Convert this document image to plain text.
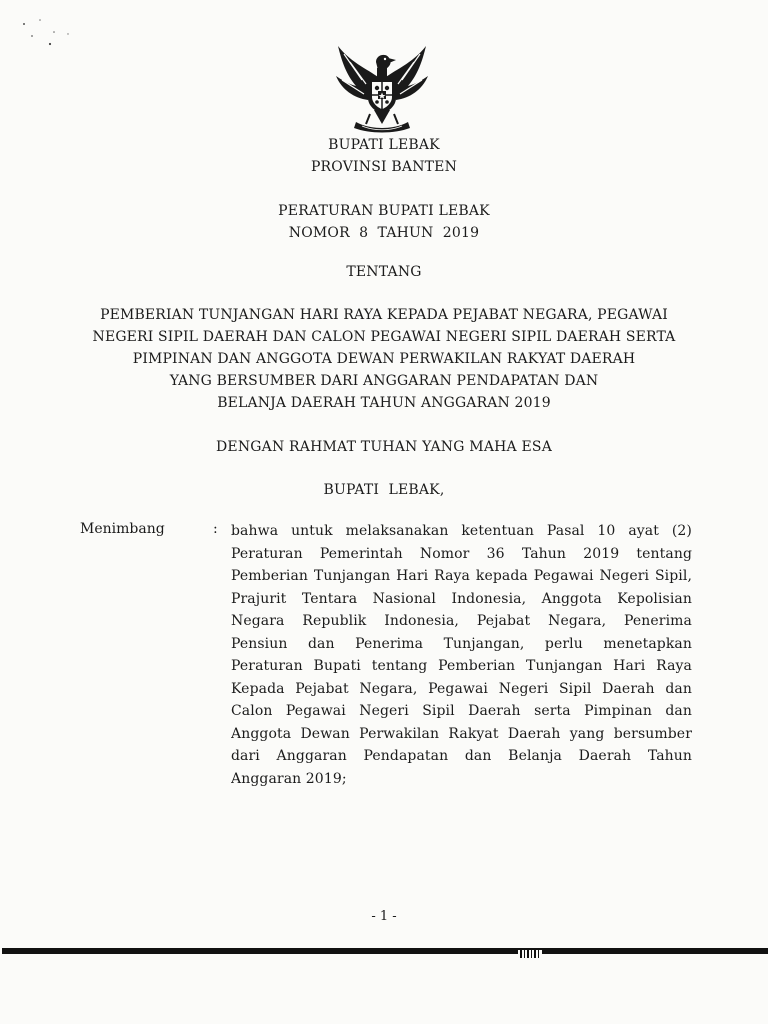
BUPATI LEBAK
PROVINSI BANTEN
PERATURAN BUPATI LEBAK
NOMOR  8  TAHUN  2019
TENTANG
PEMBERIAN TUNJANGAN HARI RAYA KEPADA PEJABAT NEGARA, PEGAWAI
NEGERI SIPIL DAERAH DAN CALON PEGAWAI NEGERI SIPIL DAERAH SERTA
PIMPINAN DAN ANGGOTA DEWAN PERWAKILAN RAKYAT DAERAH
YANG BERSUMBER DARI ANGGARAN PENDAPATAN DAN
BELANJA DAERAH TAHUN ANGGARAN 2019
DENGAN RAHMAT TUHAN YANG MAHA ESA
BUPATI  LEBAK,
Menimbang	: bahwa untuk melaksanakan ketentuan Pasal 10 ayat (2)
Peraturan Pemerintah Nomor 36 Tahun 2019 tentang
Pemberian Tunjangan Hari Raya kepada Pegawai Negeri Sipil,
Prajurit Tentara Nasional Indonesia, Anggota Kepolisian
Negara Republik Indonesia, Pejabat Negara, Penerima
Pensiun dan Penerima Tunjangan, perlu menetapkan
Peraturan Bupati tentang Pemberian Tunjangan Hari Raya
Kepada Pejabat Negara, Pegawai Negeri Sipil Daerah dan
Calon Pegawai Negeri Sipil Daerah serta Pimpinan dan
Anggota Dewan Perwakilan Rakyat Daerah yang bersumber
dari Anggaran Pendapatan dan Belanja Daerah Tahun
Anggaran 2019;
- 1 -
